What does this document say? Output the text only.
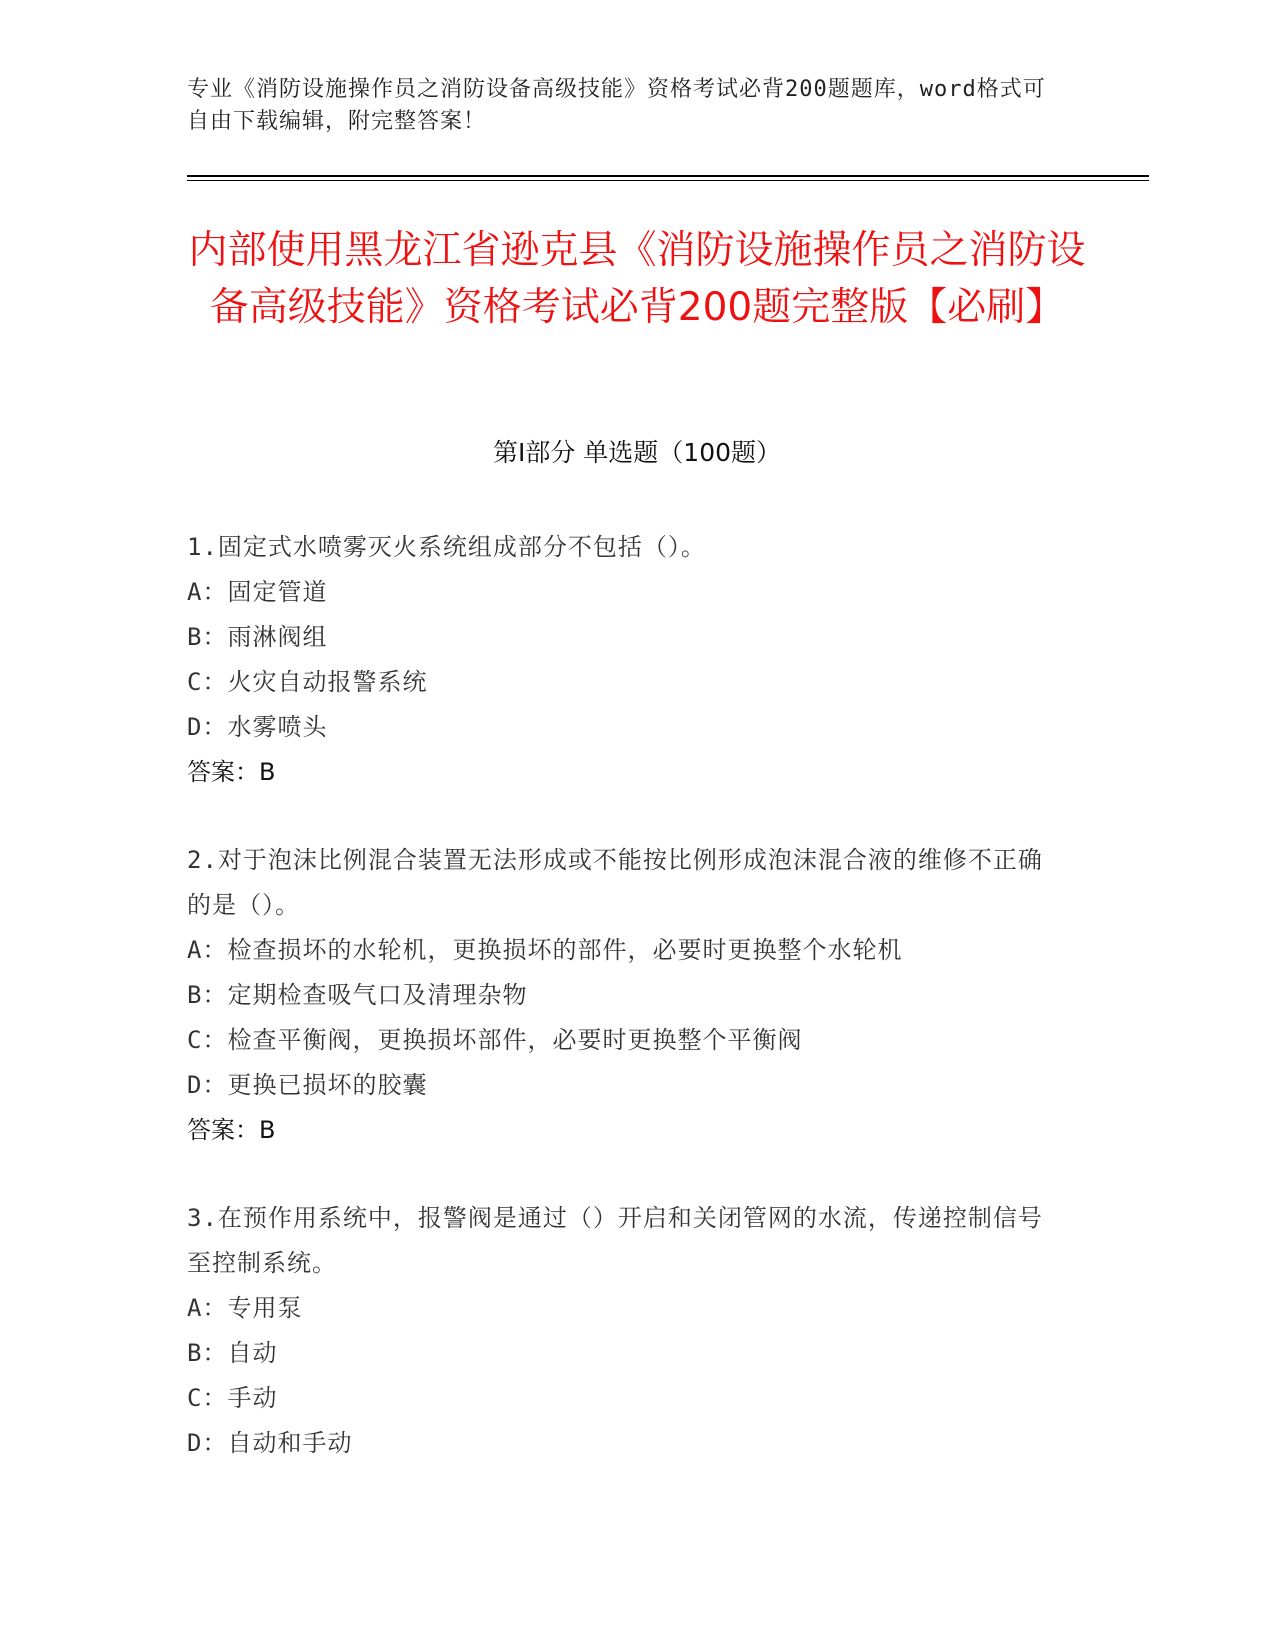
专业《消防设施操作员之消防设备高级技能》资格考试必背200题题库，word格式可自由下载编辑，附完整答案！
内部使用黑龙江省逊克县《消防设施操作员之消防设备高级技能》资格考试必背200题完整版【必刷】
第Ⅰ部分 单选题（100题）
1.固定式水喷雾灭火系统组成部分不包括（）。
A：固定管道
B：雨淋阀组
C：火灾自动报警系统
D：水雾喷头
答案：B
2.对于泡沫比例混合装置无法形成或不能按比例形成泡沫混合液的维修不正确的是（）。
A：检查损坏的水轮机，更换损坏的部件，必要时更换整个水轮机
B：定期检查吸气口及清理杂物
C：检查平衡阀，更换损坏部件，必要时更换整个平衡阀
D：更换已损坏的胶囊
答案：B
3.在预作用系统中，报警阀是通过（）开启和关闭管网的水流，传递控制信号至控制系统。
A：专用泵
B：自动
C：手动
D：自动和手动
